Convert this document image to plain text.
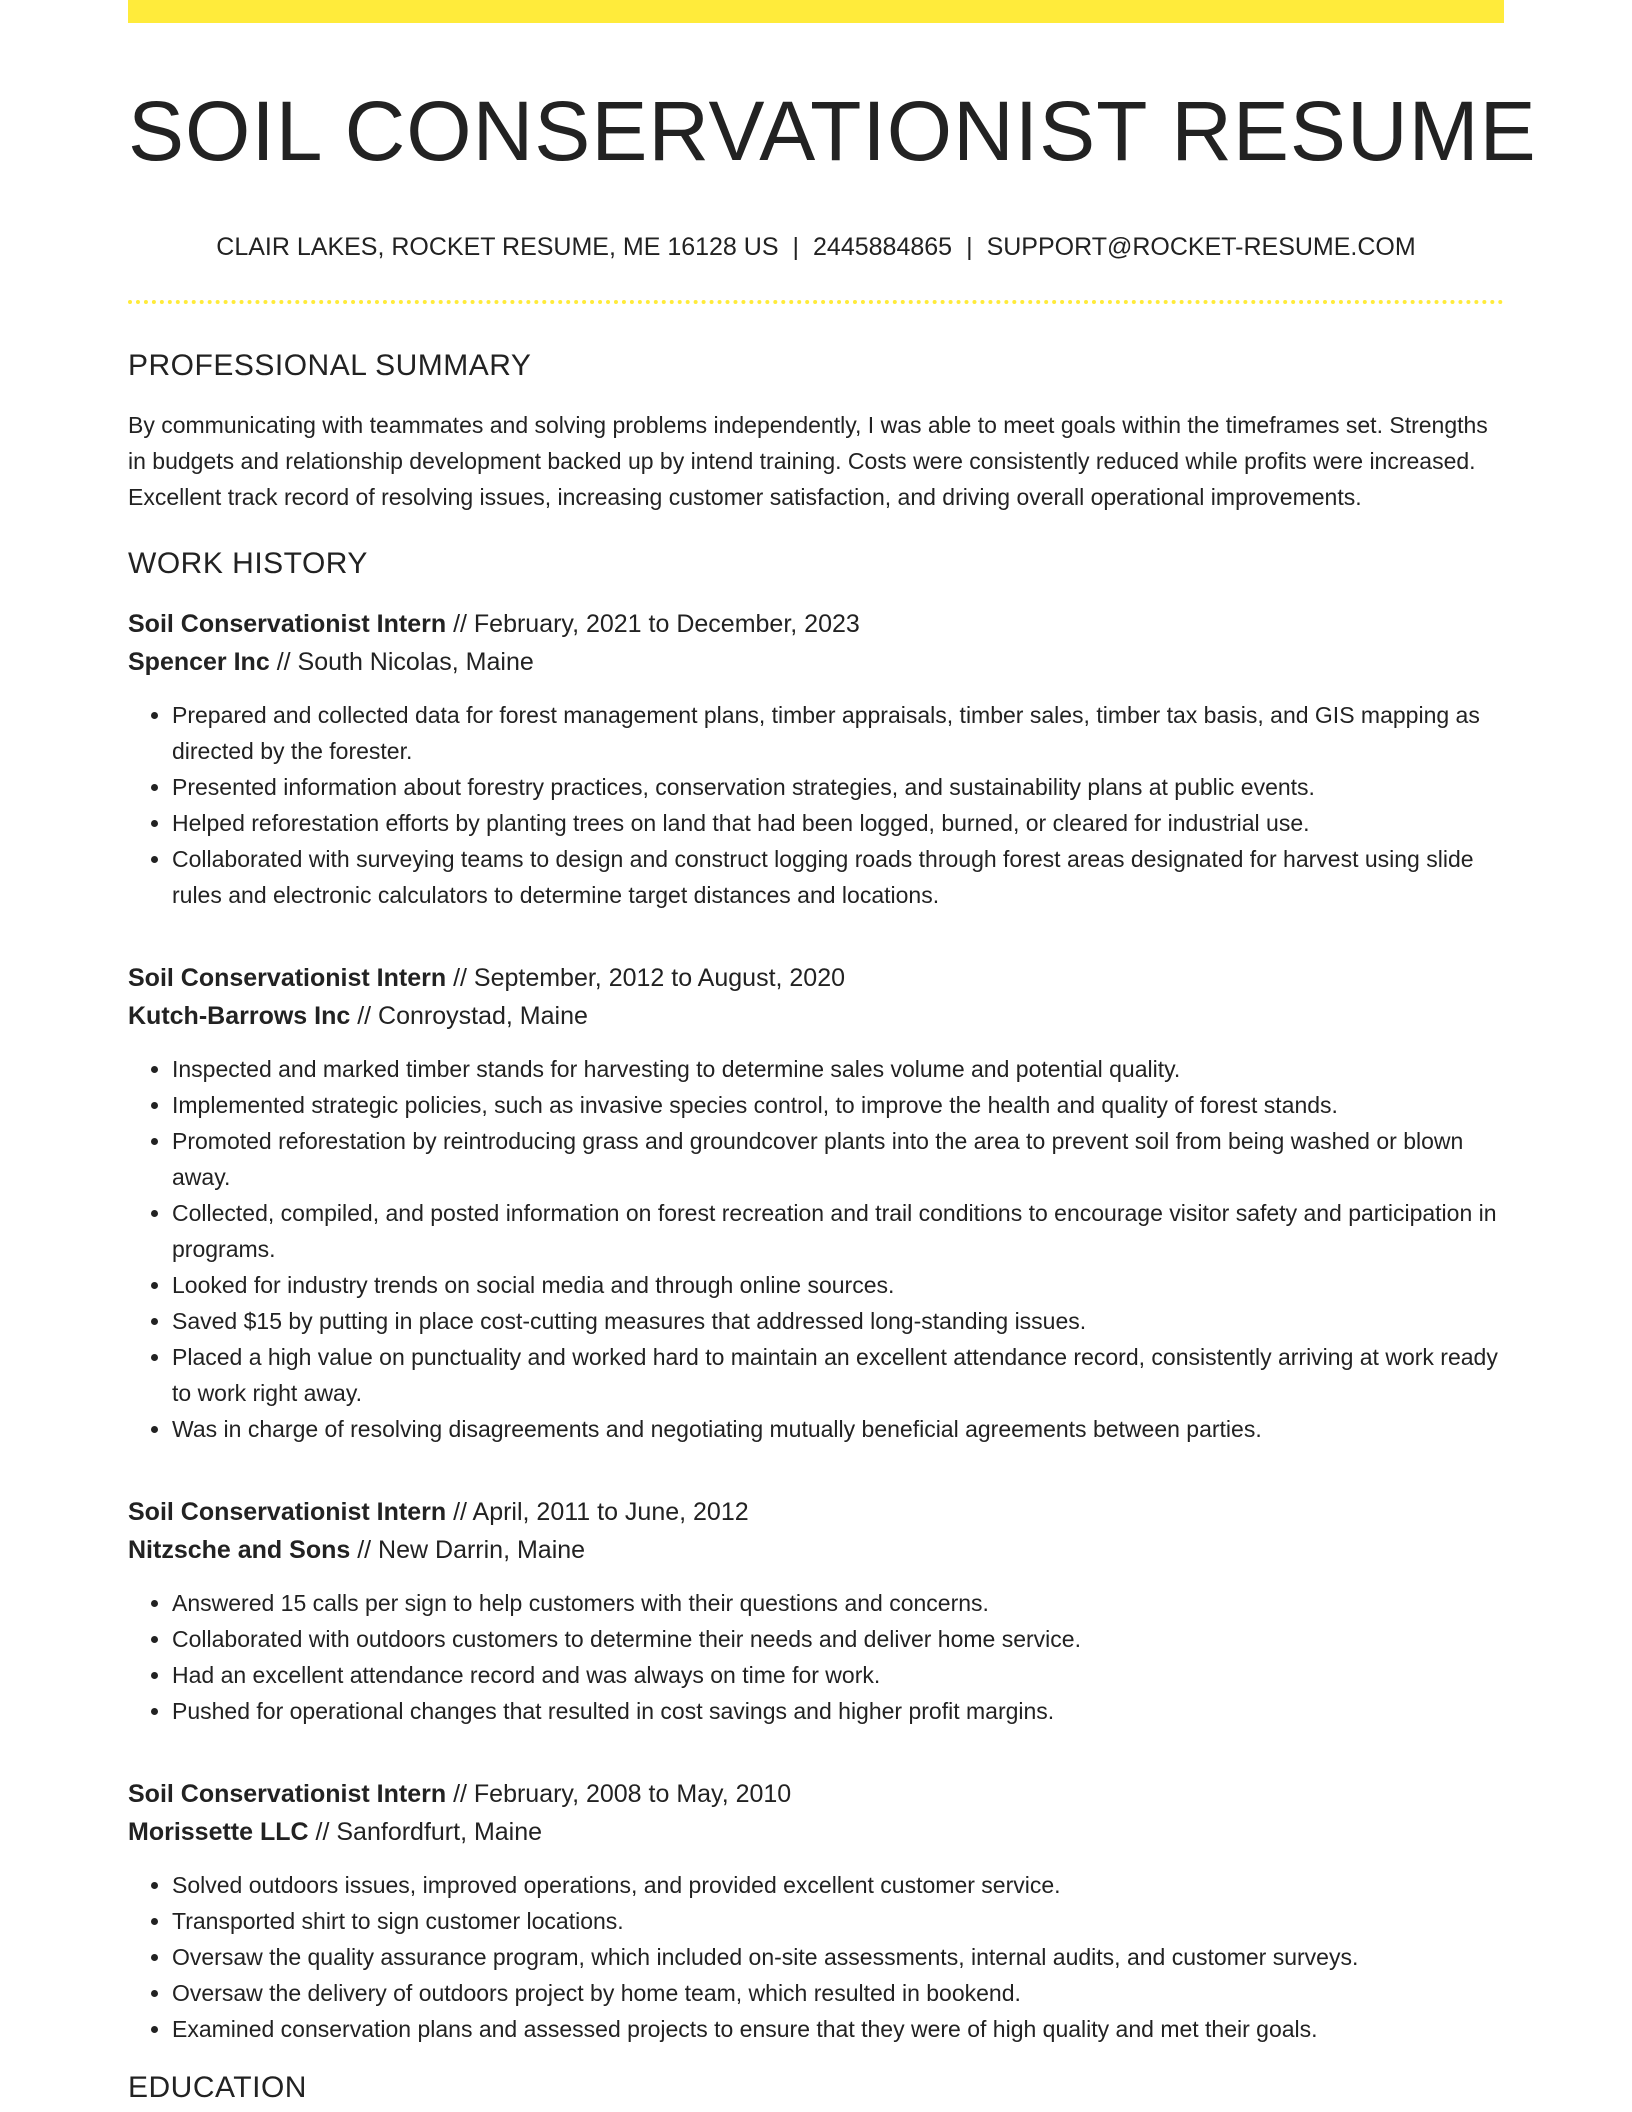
SOIL CONSERVATIONIST RESUME
CLAIR LAKES, ROCKET RESUME, ME 16128 US | 2445884865 | SUPPORT@ROCKET-RESUME.COM
PROFESSIONAL SUMMARY

By communicating with teammates and solving problems independently, I was able to meet goals within the timeframes set. Strengths in budgets and relationship development backed up by intend training. Costs were consistently reduced while profits were increased. Excellent track record of resolving issues, increasing customer satisfaction, and driving overall operational improvements.

WORK HISTORY
Soil Conservationist Intern // February, 2021 to December, 2023
Spencer Inc // South Nicolas, Maine
• Prepared and collected data for forest management plans, timber appraisals, timber sales, timber tax basis, and GIS mapping as directed by the forester.
• Presented information about forestry practices, conservation strategies, and sustainability plans at public events.
• Helped reforestation efforts by planting trees on land that had been logged, burned, or cleared for industrial use.
• Collaborated with surveying teams to design and construct logging roads through forest areas designated for harvest using slide rules and electronic calculators to determine target distances and locations.
Soil Conservationist Intern // September, 2012 to August, 2020
Kutch-Barrows Inc // Conroystad, Maine
• Inspected and marked timber stands for harvesting to determine sales volume and potential quality.
• Implemented strategic policies, such as invasive species control, to improve the health and quality of forest stands.
• Promoted reforestation by reintroducing grass and groundcover plants into the area to prevent soil from being washed or blown away.
• Collected, compiled, and posted information on forest recreation and trail conditions to encourage visitor safety and participation in programs.
• Looked for industry trends on social media and through online sources.
• Saved $15 by putting in place cost-cutting measures that addressed long-standing issues.
• Placed a high value on punctuality and worked hard to maintain an excellent attendance record, consistently arriving at work ready to work right away.
• Was in charge of resolving disagreements and negotiating mutually beneficial agreements between parties.
Soil Conservationist Intern // April, 2011 to June, 2012
Nitzsche and Sons // New Darrin, Maine
• Answered 15 calls per sign to help customers with their questions and concerns.
• Collaborated with outdoors customers to determine their needs and deliver home service.
• Had an excellent attendance record and was always on time for work.
• Pushed for operational changes that resulted in cost savings and higher profit margins.
Soil Conservationist Intern // February, 2008 to May, 2010
Morissette LLC // Sanfordfurt, Maine
• Solved outdoors issues, improved operations, and provided excellent customer service.
• Transported shirt to sign customer locations.
• Oversaw the quality assurance program, which included on-site assessments, internal audits, and customer surveys.
• Oversaw the delivery of outdoors project by home team, which resulted in bookend.
• Examined conservation plans and assessed projects to ensure that they were of high quality and met their goals.
EDUCATION
